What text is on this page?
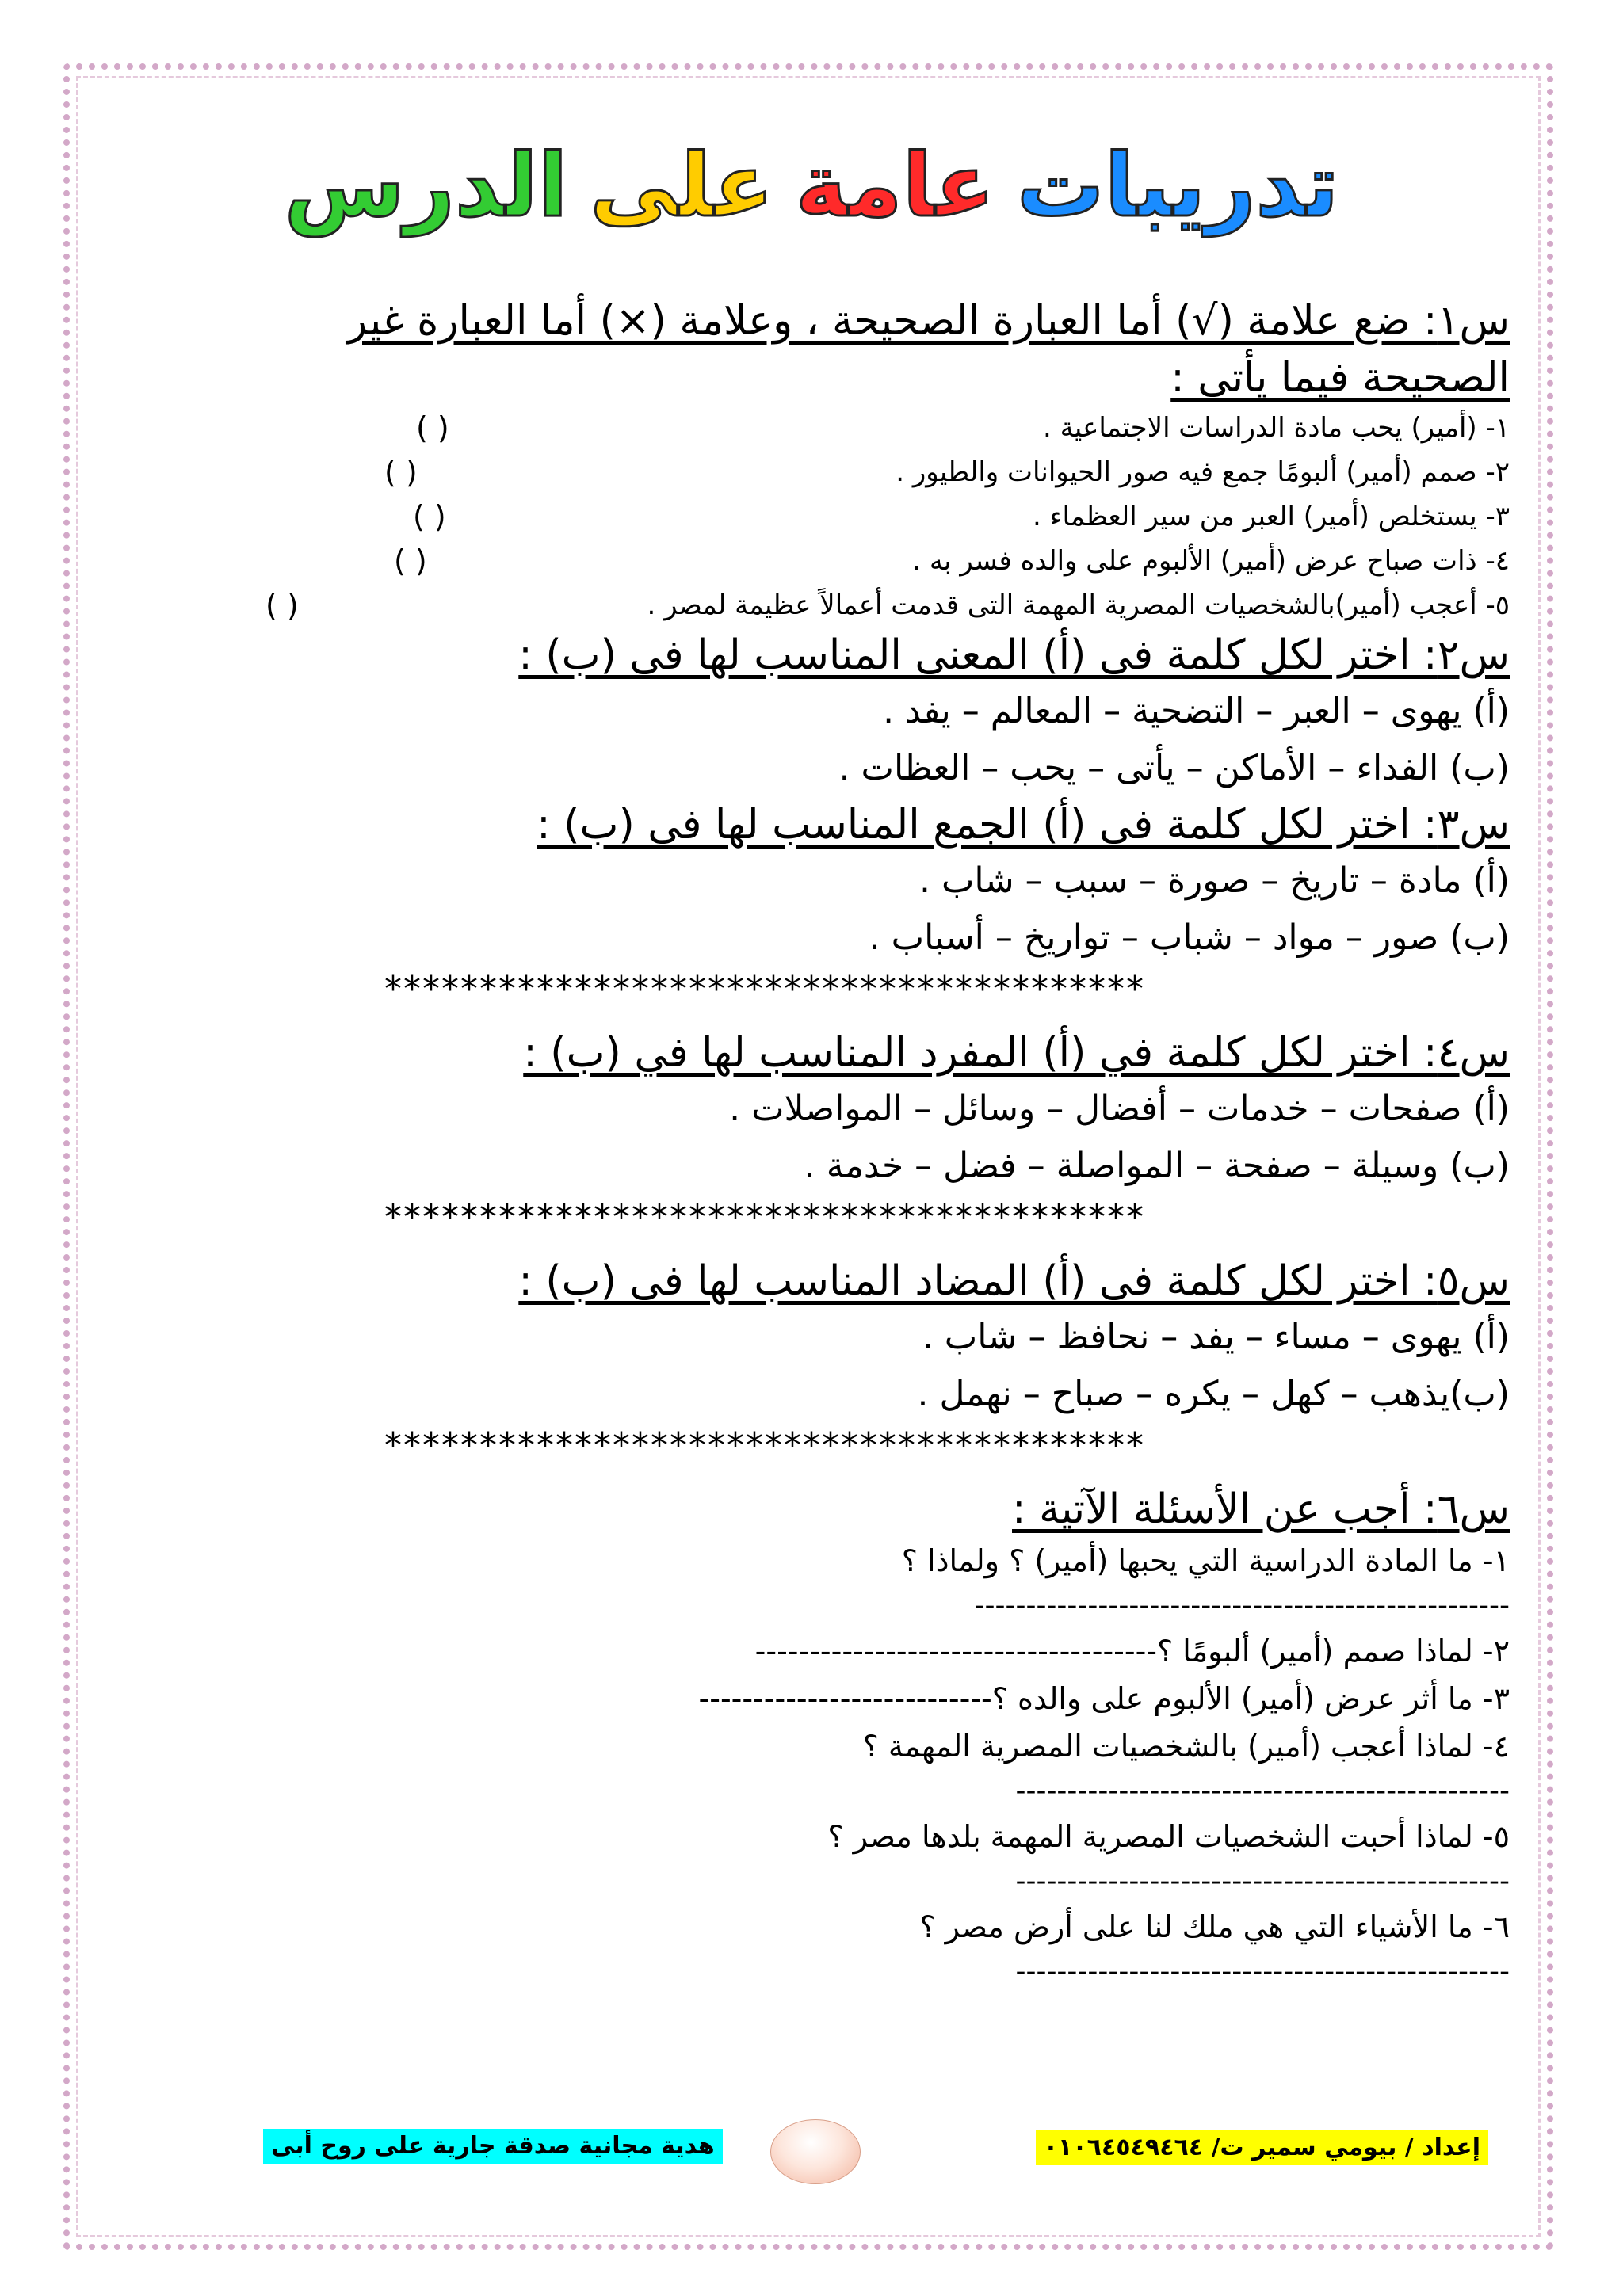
تدريباتعامةعلىالدرس

س١: ضع علامة (√) أما العبارة الصحيحة ، وعلامة (×) أما العبارة غير

الصحيحة فيما يأتى :

١- (أمير) يحب مادة الدراسات الاجتماعية .
( )

٢- صمم (أمير) ألبومًا جمع فيه صور الحيوانات والطيور .
( )

٣- يستخلص (أمير) العبر من سير العظماء .
( )

٤- ذات صباح عرض (أمير) الألبوم على والده فسر به .
( )

٥- أعجب (أمير)بالشخصيات المصرية المهمة التى قدمت أعمالاً عظيمة لمصر .
( )

س٢: اختر لكل كلمة فى (أ) المعنى المناسب لها فى (ب) :

(أ) يهوى – العبر – التضحية – المعالم – يفد .

(ب) الفداء – الأماكن – يأتى – يحب – العظات .

س٣: اختر لكل كلمة فى (أ) الجمع المناسب لها فى (ب) :

(أ) مادة – تاريخ – صورة – سبب – شاب .

(ب) صور – مواد – شباب – تواريخ – أسباب .

****************************************

س٤: اختر لكل كلمة في (أ) المفرد المناسب لها في (ب) :

(أ) صفحات – خدمات – أفضال – وسائل – المواصلات .

(ب) وسيلة – صفحة – المواصلة – فضل – خدمة .

****************************************

س٥: اختر لكل كلمة فى (أ) المضاد المناسب لها فى (ب) :

(أ) يهوى – مساء – يفد – نحافظ – شاب .

(ب)يذهب – كهل – يكره – صباح – نهمل .

****************************************

س٦: أجب عن الأسئلة الآتية :

١- ما المادة الدراسية التي يحبها (أمير) ؟ ولماذا ؟

----------------------------------------------------

٢- لماذا صمم (أمير) ألبومًا ؟-------------------------------------

٣- ما أثر عرض (أمير) الألبوم على والده ؟---------------------------

٤- لماذا أعجب (أمير) بالشخصيات المصرية المهمة ؟

------------------------------------------------

٥- لماذا أحبت الشخصيات المصرية المهمة بلدها مصر ؟

------------------------------------------------

٦- ما الأشياء التي هي ملك لنا على أرض مصر ؟

------------------------------------------------

هدية مجانية صدقة جارية على روح أبى	إعداد / بيومي سمير ت/ ٠١٠٦٤٥٤٩٤٦٤
